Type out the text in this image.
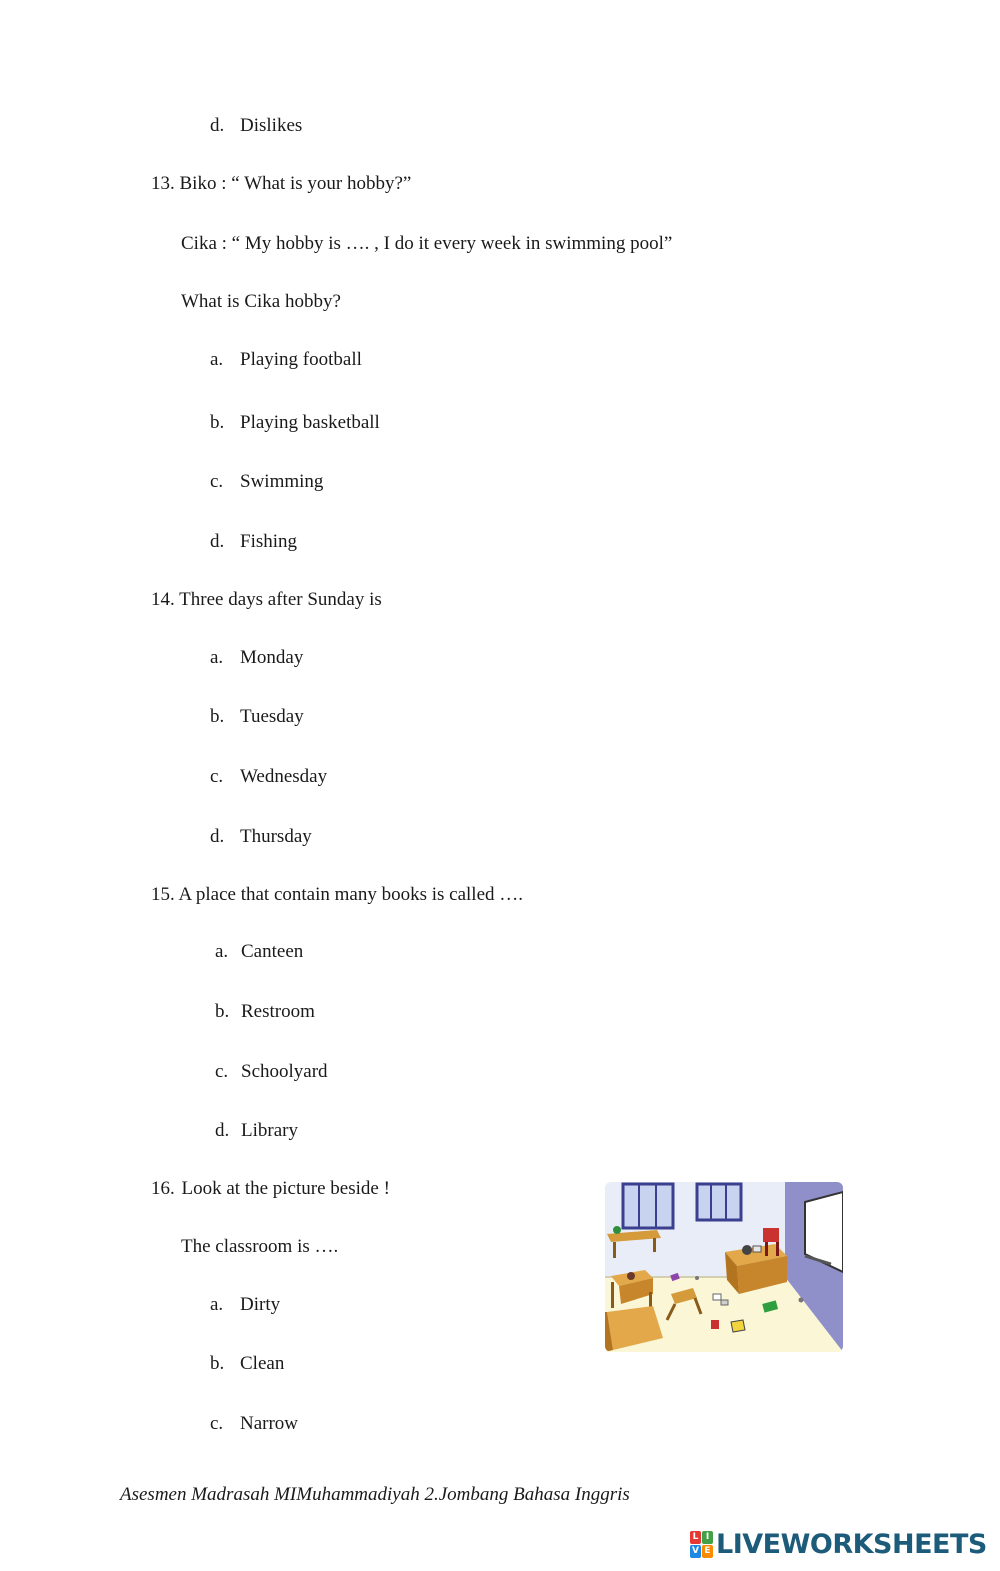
d. Dislikes
13. Biko : “ What is your hobby?”
Cika : “ My hobby is …. , I do it every week in swimming pool”
What is Cika hobby?
a. Playing football
b. Playing basketball
c. Swimming
d. Fishing
14. Three days after Sunday is
a. Monday
b. Tuesday
c. Wednesday
d. Thursday
15. A place that contain many books is called ….
a. Canteen
b. Restroom
c. Schoolyard
d. Library
16. Look at the picture beside !
The classroom is ….
a. Dirty
b. Clean
c. Narrow
Asesmen Madrasah MIMuhammadiyah 2.Jombang Bahasa Inggris
L I
V E LIVEWORKSHEETS
